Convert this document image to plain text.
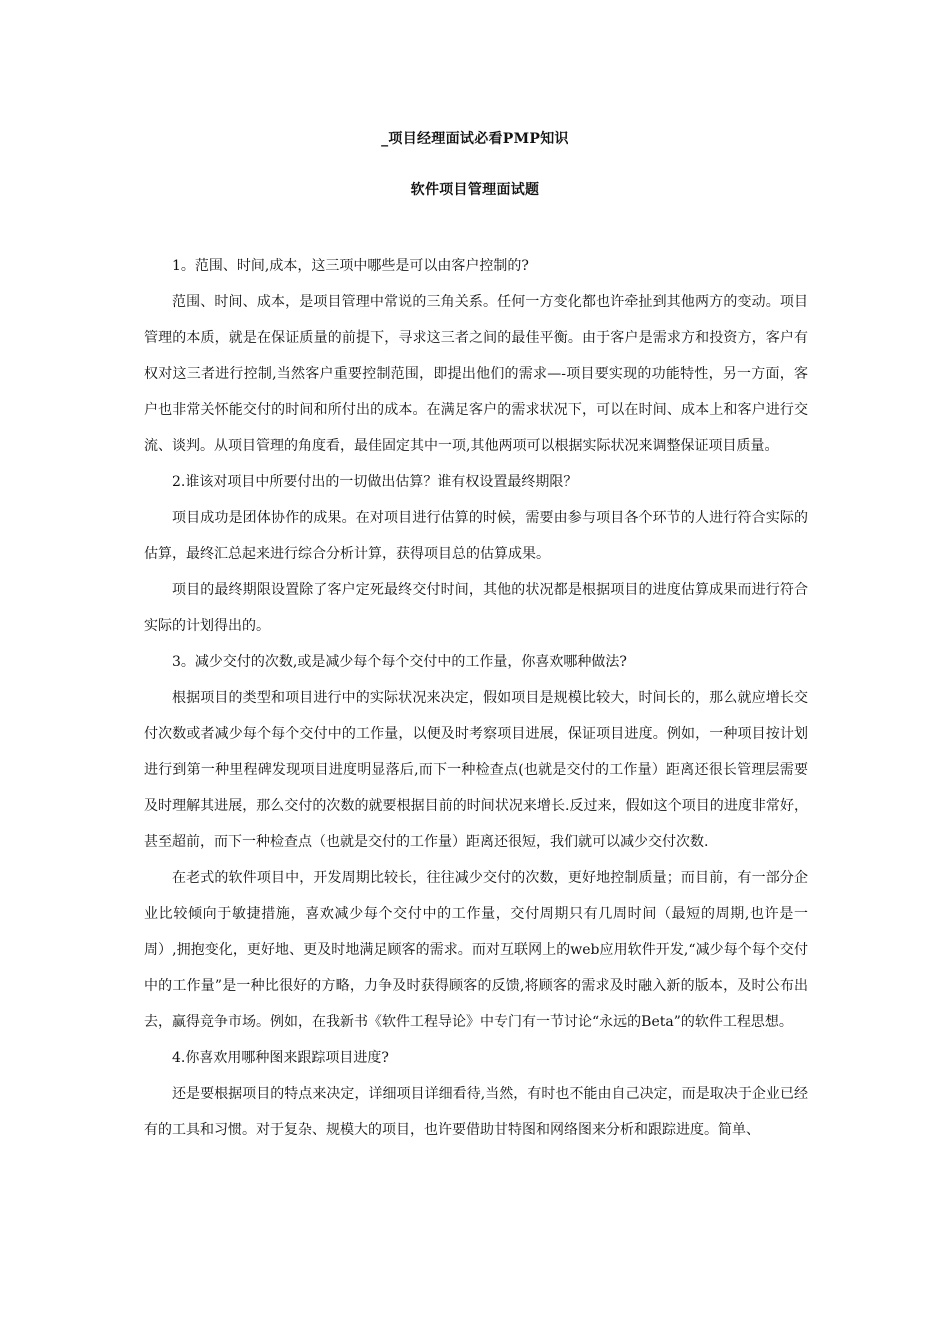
_项目经理面试必看PMP知识
软件项目管理面试题

1。范围、时间,成本，这三项中哪些是可以由客户控制的?

范围、时间、成本，是项目管理中常说的三角关系。任何一方变化都也许牵扯到其他两方的变动。项目管理的本质，就是在保证质量的前提下，寻求这三者之间的最佳平衡。由于客户是需求方和投资方，客户有权对这三者进行控制,当然客户重要控制范围，即提出他们的需求—-项目要实现的功能特性，另一方面，客户也非常关怀能交付的时间和所付出的成本。在满足客户的需求状况下，可以在时间、成本上和客户进行交流、谈判。从项目管理的角度看，最佳固定其中一项,其他两项可以根据实际状况来调整保证项目质量。

2.谁该对项目中所要付出的一切做出估算？谁有权设置最终期限？

项目成功是团体协作的成果。在对项目进行估算的时候，需要由参与项目各个环节的人进行符合实际的估算，最终汇总起来进行综合分析计算，获得项目总的估算成果。

项目的最终期限设置除了客户定死最终交付时间，其他的状况都是根据项目的进度估算成果而进行符合实际的计划得出的。

3。减少交付的次数,或是减少每个每个交付中的工作量，你喜欢哪种做法?

根据项目的类型和项目进行中的实际状况来决定，假如项目是规模比较大，时间长的，那么就应增长交付次数或者减少每个每个交付中的工作量，以便及时考察项目进展，保证项目进度。例如，一种项目按计划进行到第一种里程碑发现项目进度明显落后,而下一种检查点(也就是交付的工作量）距离还很长管理层需要及时理解其进展，那么交付的次数的就要根据目前的时间状况来增长.反过来，假如这个项目的进度非常好，甚至超前，而下一种检查点（也就是交付的工作量）距离还很短，我们就可以减少交付次数.

在老式的软件项目中，开发周期比较长，往往减少交付的次数，更好地控制质量；而目前，有一部分企业比较倾向于敏捷措施，喜欢减少每个交付中的工作量，交付周期只有几周时间（最短的周期,也许是一周）,拥抱变化，更好地、更及时地满足顾客的需求。而对互联网上的web应用软件开发,“减少每个每个交付中的工作量”是一种比很好的方略，力争及时获得顾客的反馈,将顾客的需求及时融入新的版本，及时公布出去，赢得竞争市场。例如，在我新书《软件工程导论》中专门有一节讨论“永远的Beta”的软件工程思想。

4.你喜欢用哪种图来跟踪项目进度?

还是要根据项目的特点来决定，详细项目详细看待,当然，有时也不能由自己决定，而是取决于企业已经有的工具和习惯。对于复杂、规模大的项目，也许要借助甘特图和网络图来分析和跟踪进度。简单、
